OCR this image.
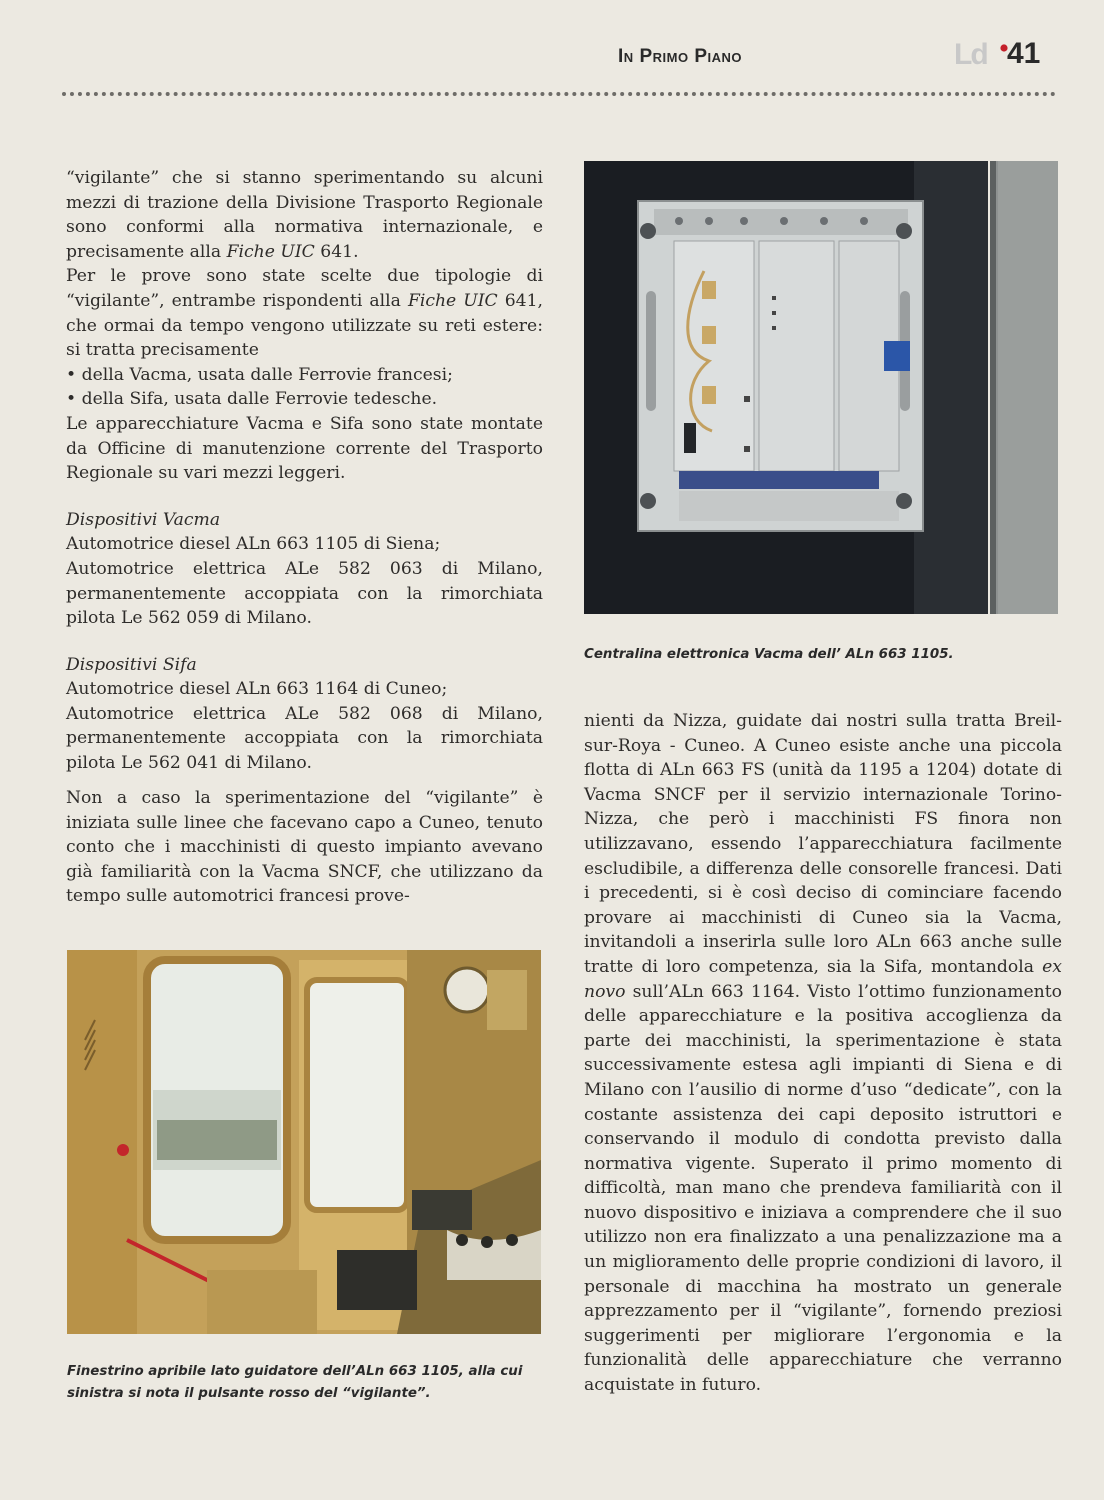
In Primo Piano	Ld 41

“vigilante” che si stanno sperimentando su alcuni mezzi di trazione della Divisione Trasporto Regionale sono conformi alla normativa internazionale, e precisamente alla Fiche UIC 641.

Per le prove sono state scelte due tipologie di “vigilante”, entrambe rispondenti alla Fiche UIC 641, che ormai da tempo vengono utilizzate su reti estere: si tratta precisamente

• della Vacma, usata dalle Ferrovie francesi;

• della Sifa, usata dalle Ferrovie tedesche.

Le apparecchiature Vacma e Sifa sono state montate da Officine di manutenzione corrente del Trasporto Regionale su vari mezzi leggeri.

Dispositivi Vacma

Automotrice diesel ALn 663 1105 di Siena;

Automotrice elettrica ALe 582 063 di Milano, permanentemente accoppiata con la rimorchiata pilota Le 562 059 di Milano.

Dispositivi Sifa

Automotrice diesel ALn 663 1164 di Cuneo;

Automotrice elettrica ALe 582 068 di Milano, permanentemente accoppiata con la rimorchiata pilota Le 562 041 di Milano.

Non a caso la sperimentazione del “vigilante” è iniziata sulle linee che facevano capo a Cuneo, tenuto conto che i macchinisti di questo impianto avevano già familiarità con la Vacma SNCF, che utilizzano da tempo sulle automotrici francesi prove-

nienti da Nizza, guidate dai nostri sulla tratta Breil-sur-Roya - Cuneo. A Cuneo esiste anche una piccola flotta di ALn 663 FS (unità da 1195 a 1204) dotate di Vacma SNCF per il servizio internazionale Torino-Nizza, che però i macchinisti FS finora non utilizzavano, essendo l’apparecchiatura facilmente escludibile, a differenza delle consorelle francesi. Dati i precedenti, si è così deciso di cominciare facendo provare ai macchinisti di Cuneo sia la Vacma, invitandoli a inserirla sulle loro ALn 663 anche sulle tratte di loro competenza, sia la Sifa, montandola ex novo sull’ALn 663 1164. Visto l’ottimo funzionamento delle apparecchiature e la positiva accoglienza da parte dei macchinisti, la sperimentazione è stata successivamente estesa agli impianti di Siena e di Milano con l’ausilio di norme d’uso “dedicate”, con la costante assistenza dei capi deposito istruttori e conservando il modulo di condotta previsto dalla normativa vigente. Superato il primo momento di difficoltà, man mano che prendeva familiarità con il nuovo dispositivo e iniziava a comprendere che il suo utilizzo non era finalizzato a una penalizzazione ma a un miglioramento delle proprie condizioni di lavoro, il personale di macchina ha mostrato un generale apprezzamento per il “vigilante”, fornendo preziosi suggerimenti per migliorare l’ergonomia e la funzionalità delle apparecchiature che verranno acquistate in futuro.

Centralina elettronica Vacma dell’ ALn 663 1105.
Finestrino apribile lato guidatore dell’ALn 663 1105, alla cui sinistra si nota il pulsante rosso del “vigilante”.
